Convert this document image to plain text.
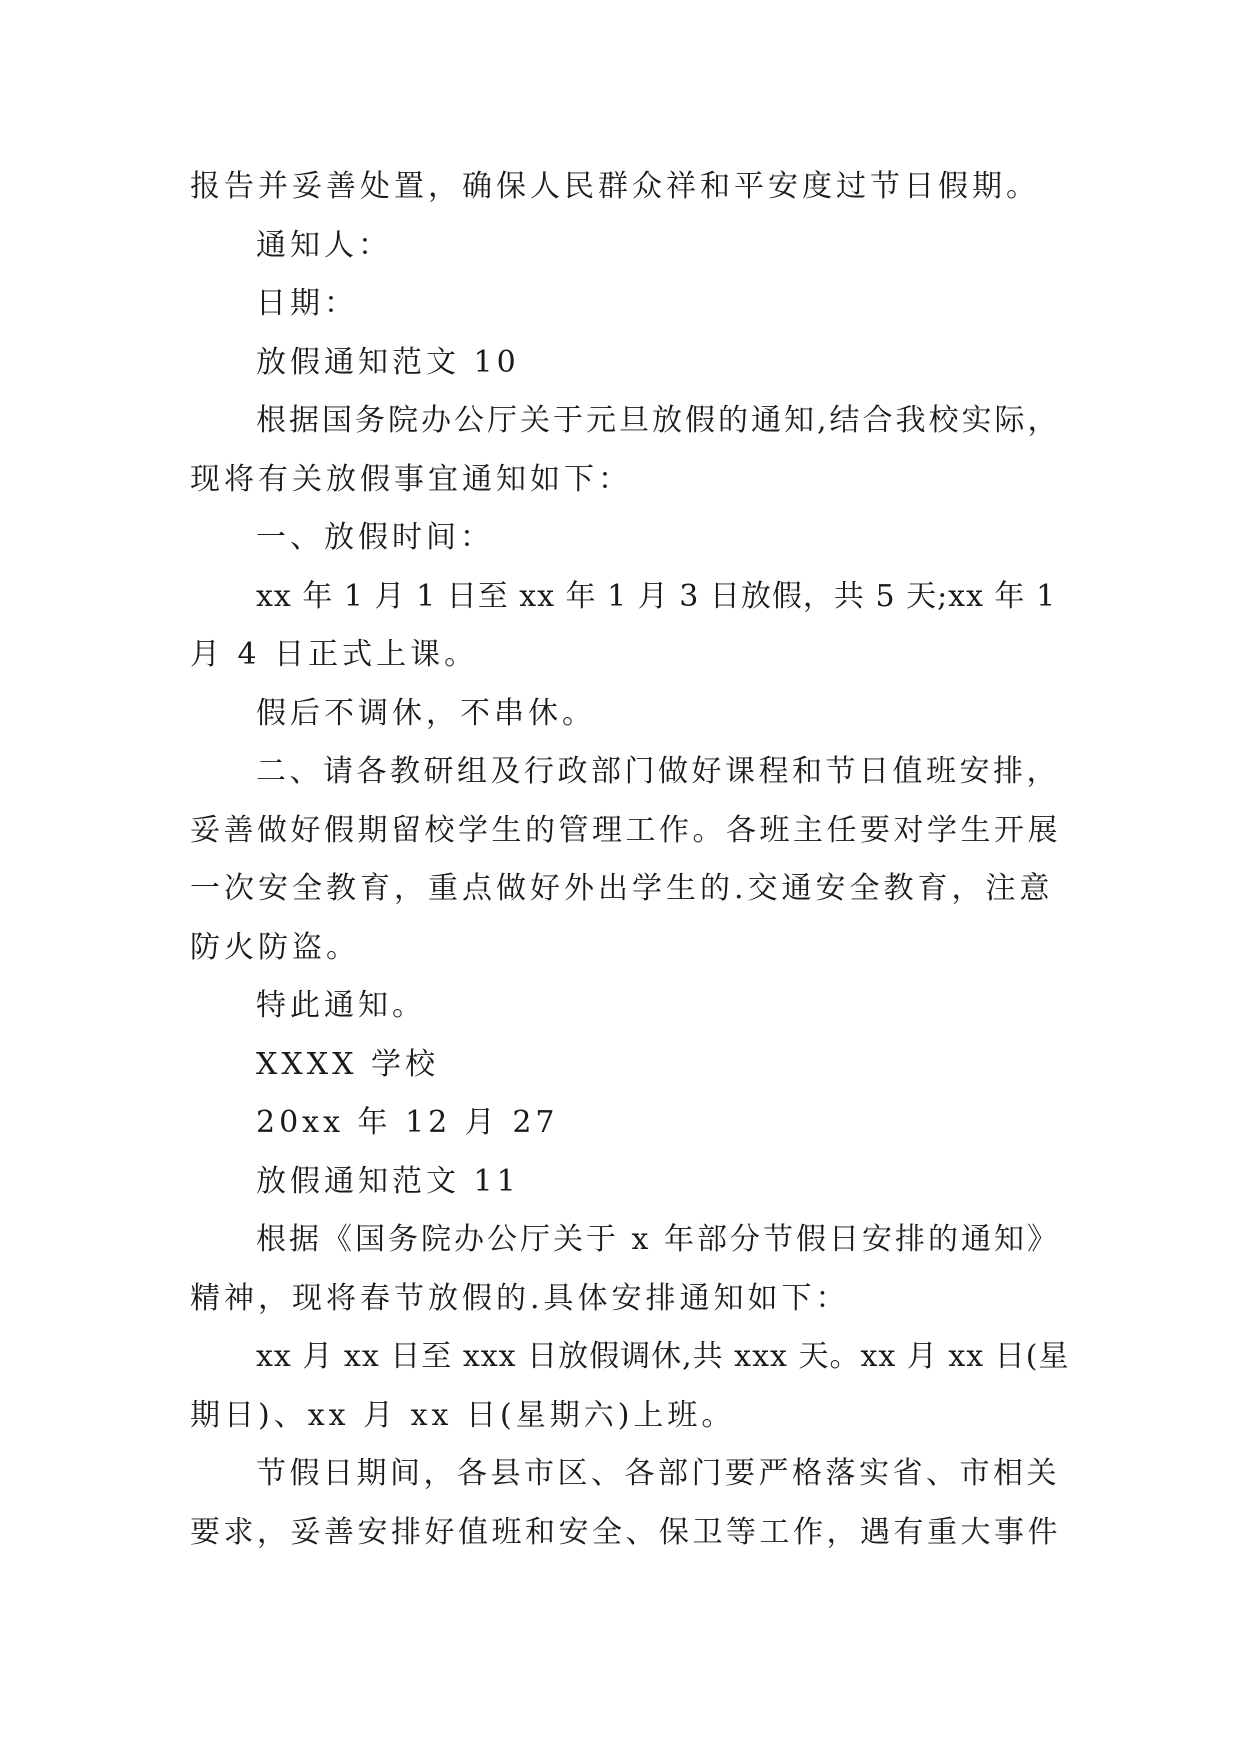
报告并妥善处置，确保人民群众祥和平安度过节日假期。
通知人：
日期：
放假通知范文 10
根据国务院办公厅关于元旦放假的通知,结合我校实际，
现将有关放假事宜通知如下：
一、放假时间：
xx 年 1 月 1 日至 xx 年 1 月 3 日放假，共 5 天;xx 年 1
月 4 日正式上课。
假后不调休，不串休。
二、请各教研组及行政部门做好课程和节日值班安排，
妥善做好假期留校学生的管理工作。各班主任要对学生开展
一次安全教育，重点做好外出学生的.交通安全教育，注意
防火防盗。
特此通知。
XXXX 学校
20xx 年 12 月 27
放假通知范文 11
根据《国务院办公厅关于 x 年部分节假日安排的通知》
精神，现将春节放假的.具体安排通知如下：
xx 月 xx 日至 xxx 日放假调休,共 xxx 天。xx 月 xx 日(星
期日)、xx 月 xx 日(星期六)上班。
节假日期间，各县市区、各部门要严格落实省、市相关
要求，妥善安排好值班和安全、保卫等工作，遇有重大事件
